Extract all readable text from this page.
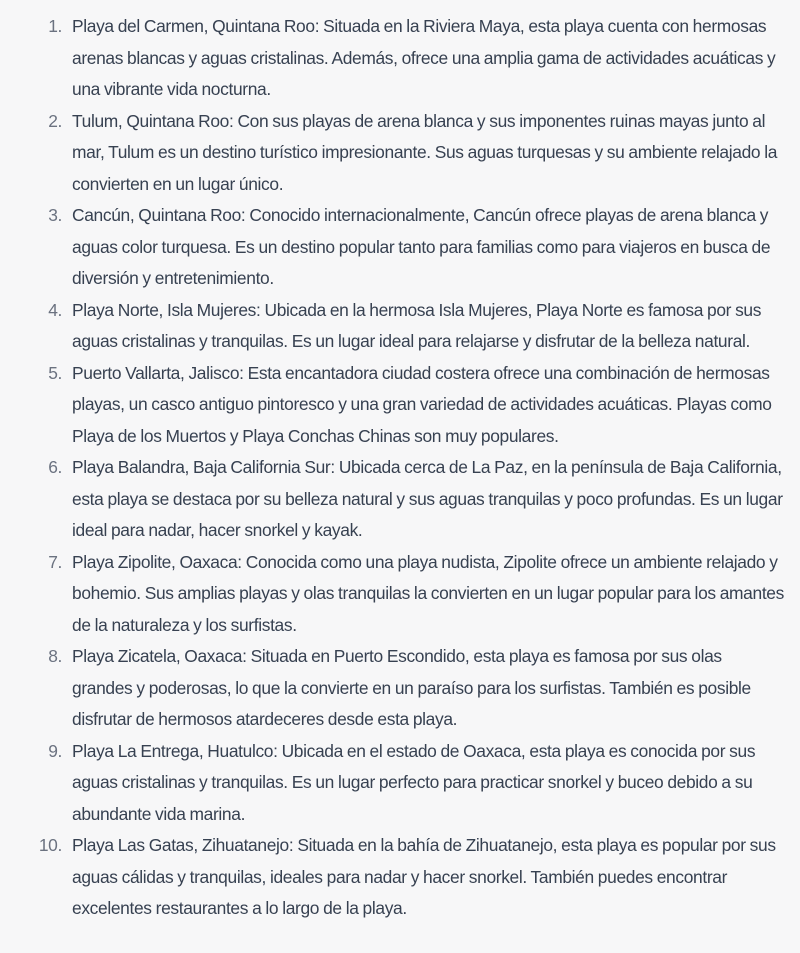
1. Playa del Carmen, Quintana Roo: Situada en la Riviera Maya, esta playa cuenta con hermosas arenas blancas y aguas cristalinas. Además, ofrece una amplia gama de actividades acuáticas y una vibrante vida nocturna.
2. Tulum, Quintana Roo: Con sus playas de arena blanca y sus imponentes ruinas mayas junto al mar, Tulum es un destino turístico impresionante. Sus aguas turquesas y su ambiente relajado la convierten en un lugar único.
3. Cancún, Quintana Roo: Conocido internacionalmente, Cancún ofrece playas de arena blanca y aguas color turquesa. Es un destino popular tanto para familias como para viajeros en busca de diversión y entretenimiento.
4. Playa Norte, Isla Mujeres: Ubicada en la hermosa Isla Mujeres, Playa Norte es famosa por sus aguas cristalinas y tranquilas. Es un lugar ideal para relajarse y disfrutar de la belleza natural.
5. Puerto Vallarta, Jalisco: Esta encantadora ciudad costera ofrece una combinación de hermosas playas, un casco antiguo pintoresco y una gran variedad de actividades acuáticas. Playas como Playa de los Muertos y Playa Conchas Chinas son muy populares.
6. Playa Balandra, Baja California Sur: Ubicada cerca de La Paz, en la península de Baja California, esta playa se destaca por su belleza natural y sus aguas tranquilas y poco profundas. Es un lugar ideal para nadar, hacer snorkel y kayak.
7. Playa Zipolite, Oaxaca: Conocida como una playa nudista, Zipolite ofrece un ambiente relajado y bohemio. Sus amplias playas y olas tranquilas la convierten en un lugar popular para los amantes de la naturaleza y los surfistas.
8. Playa Zicatela, Oaxaca: Situada en Puerto Escondido, esta playa es famosa por sus olas grandes y poderosas, lo que la convierte en un paraíso para los surfistas. También es posible disfrutar de hermosos atardeceres desde esta playa.
9. Playa La Entrega, Huatulco: Ubicada en el estado de Oaxaca, esta playa es conocida por sus aguas cristalinas y tranquilas. Es un lugar perfecto para practicar snorkel y buceo debido a su abundante vida marina.
10. Playa Las Gatas, Zihuatanejo: Situada en la bahía de Zihuatanejo, esta playa es popular por sus aguas cálidas y tranquilas, ideales para nadar y hacer snorkel. También puedes encontrar excelentes restaurantes a lo largo de la playa.
